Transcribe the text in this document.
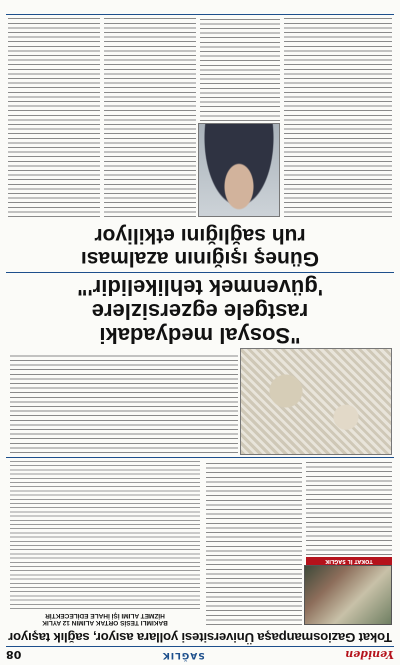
Yeniden
SAĞLIK
08
Tokat Gaziosmanpaşa Üniversitesi yollara asıyor, sağlık taşıyor
TOKAT İL SAĞLIK
BAKIMLI TESİS ORTAK ALIMIN 12 AYLIK
HİZMET ALIMI İŞİ İHALE EDİLECEKTİR
"Sosyal medyadaki
rastgele egzersizlere
'güvenmek tehlikelidir'"
Güneş ışığının azalması
ruh sağlığını etkiliyor
